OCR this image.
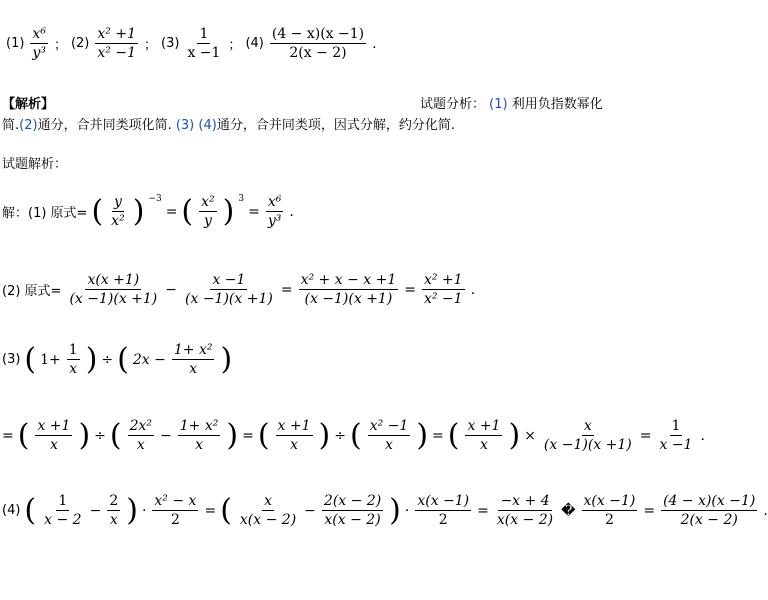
$(1) \frac{\text{x⁶}}{\text{y³}}$ ； $(2) \frac{\text{x² +1}}{\text{x² −1}}$ ； $(3) \frac{1}{x -1}$ ； $(4) \frac{(4 - x)(x -1)}{2(x - 2)}$ .
【解析】	试题分析： (1) 利用负指数幂化
简.(2)通分，合并同类项化简. (3) (4)通分，合并同类项，因式分解，约分化简.
试题解析：
解：(1) 原式= ( $\frac{y}{\text{x²}}$ ) $^{-3}$
= ( $\frac{\text{x²}}{y}$ ) $^3$
= $\frac{\text{x⁶}}{\text{y³}}$ .
(2) 原式= $\frac{x(x +1)}{(x -1)(x +1)} - \frac{x -1}{(x -1)(x +1)} = \frac{\text{x² + x − x +1}}{(x -1)(x +1)} = \frac{\text{x² +1}}{\text{x² −1}}$ .
(3) ( $1+ \frac{1}{x}$ ) ÷ ( $2x - \frac{\text{1+ x²}}{x}$ )
= ( $\frac{x +1}{x}$ ) ÷ ( $\frac{\text{2x²}}{x} - \frac{\text{1+ x²}}{x}$ ) = ( $\frac{x +1}{x}$ ) ÷ ( $\frac{\text{x² −1}}{x}$ ) = ( $\frac{x +1}{x}$ ) × $\frac{x}{(x -1)(x +1)} = \frac{1}{x -1}$ .
(4) ( $\frac{1}{x - 2} - \frac{2}{x}$ ) · $\frac{\text{x² − x}}{2}$ = ( $\frac{x}{x(x - 2)} - \frac{2(x - 2)}{x(x - 2)}$ ) · $\frac{x(x -1)}{2} = \frac{-x + 4}{x(x - 2)}$ � $\frac{x(x -1)}{2} = \frac{(4 - x)(x -1)}{2(x - 2)}$ .
